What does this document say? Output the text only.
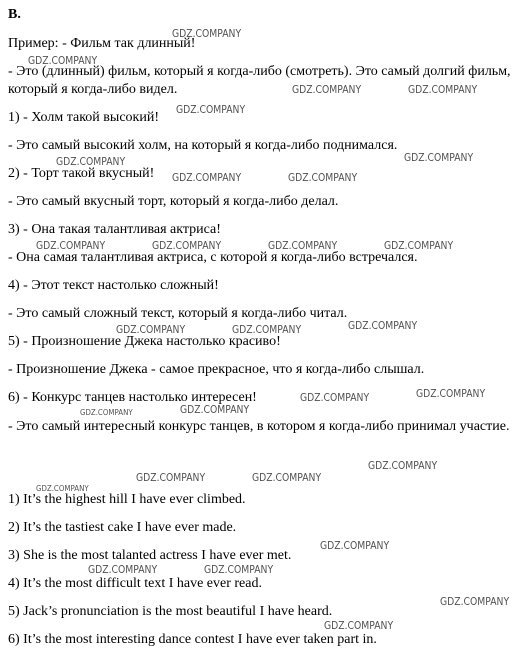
B.
Пример: - Фильм так длинный!
- Это (длинный) фильм, который я когда-либо (смотреть). Это самый долгий фильм, который я когда-либо видел.
1) - Холм такой высокий!
- Это самый высокий холм, на который я когда-либо поднимался.
2) - Торт такой вкусный!
- Это самый вкусный торт, который я когда-либо делал.
3) - Она такая талантливая актриса!
- Она самая талантливая актриса, с которой я когда-либо встречался.
4) - Этот текст настолько сложный!
- Это самый сложный текст, который я когда-либо читал.
5) - Произношение Джека настолько красиво!
- Произношение Джека - самое прекрасное, что я когда-либо слышал.
6) - Конкурс танцев настолько интересен!
- Это самый интересный конкурс танцев, в котором я когда-либо принимал участие.
1) It’s the highest hill I have ever climbed.
2) It’s the tastiest cake I have ever made.
3) She is the most talanted actress I have ever met.
4) It’s the most difficult text I have ever read.
5) Jack’s pronunciation is the most beautiful I have heard.
6) It’s the most interesting dance contest I have ever taken part in.
GDZ.COMPANY
GDZ.COMPANY
GDZ.COMPANY	GDZ.COMPANY
GDZ.COMPANY
GDZ.COMPANY	GDZ.COMPANY
GDZ.COMPANY	GDZ.COMPANY
GDZ.COMPANY	GDZ.COMPANY	GDZ.COMPANY	GDZ.COMPANY
GDZ.COMPANY
GDZ.COMPANY	GDZ.COMPANY
GDZ.COMPANY
GDZ.COMPANY
GDZ.COMPANY
GDZ.COMPANY
GDZ.COMPANY
GDZ.COMPANY	GDZ.COMPANY
GDZ.COMPANY
GDZ.COMPANY
GDZ.COMPANY	GDZ.COMPANY
GDZ.COMPANY
GDZ.COMPANY
